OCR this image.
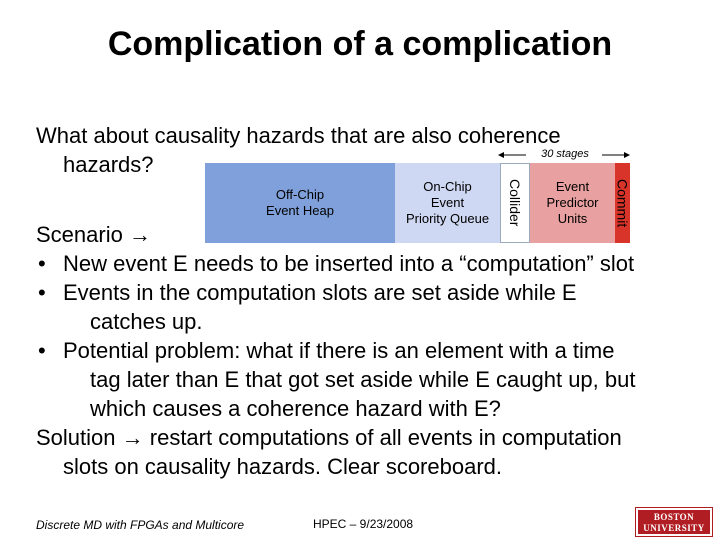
Complication of a complication
What about causality hazards that are also coherence
hazards?	30 stages
Off-Chip
Event Heap
On-Chip
Event
Priority Queue Collider	Event
Predictor
Units	Commit

Scenario →

• New event E needs to be inserted into a “computation” slot
• Events in the computation slots are set aside while E
catches up.
• Potential problem: what if there is an element with a time
tag later than E that got set aside while E caught up, but
which causes a coherence hazard with E?

Solution → restart computations of all events in computation

slots on causality hazards. Clear scoreboard.

Discrete MD with FPGAs and Multicore	HPEC – 9/23/2008	BOSTON
UNIVERSITY
